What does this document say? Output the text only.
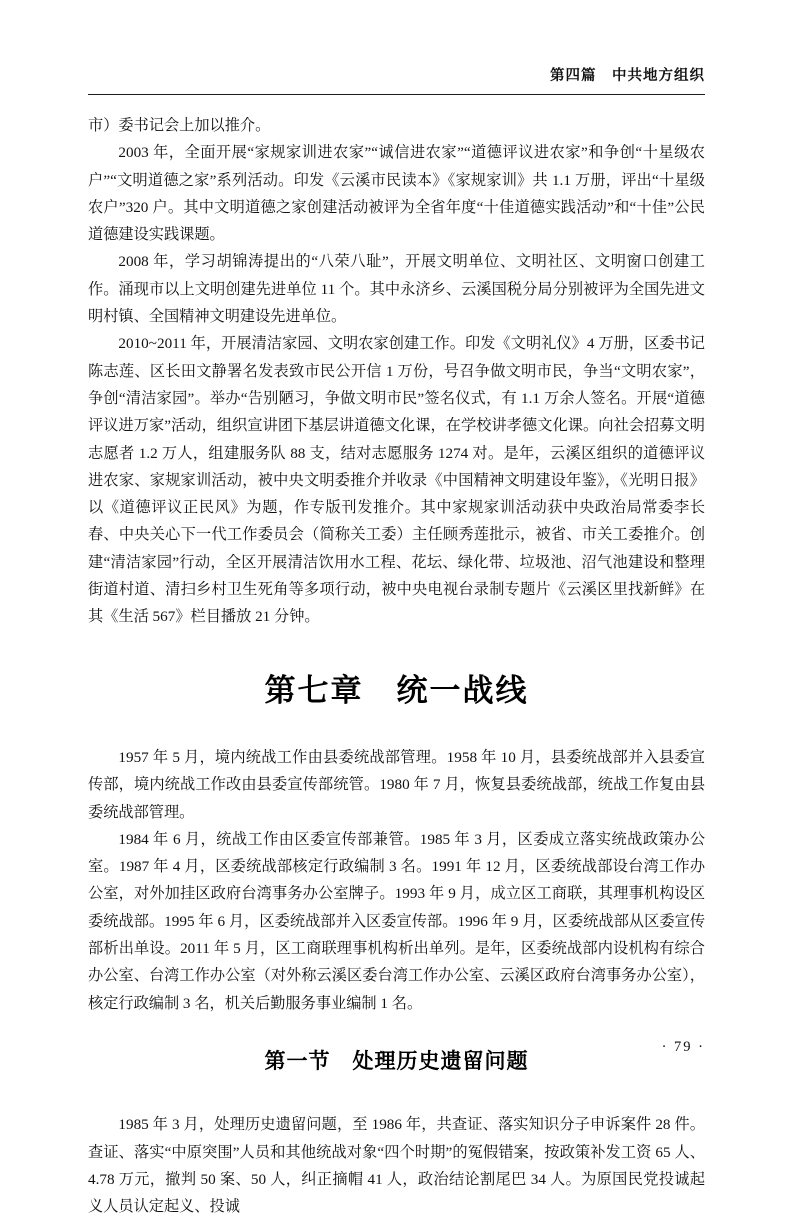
第四篇　中共地方组织

市）委书记会上加以推介。

2003 年，全面开展“家规家训进农家”“诚信进农家”“道德评议进农家”和争创“十星级农户”“文明道德之家”系列活动。印发《云溪市民读本》《家规家训》共 1.1 万册，评出“十星级农户”320 户。其中文明道德之家创建活动被评为全省年度“十佳道德实践活动”和“十佳”公民道德建设实践课题。

2008 年，学习胡锦涛提出的“八荣八耻”，开展文明单位、文明社区、文明窗口创建工作。涌现市以上文明创建先进单位 11 个。其中永济乡、云溪国税分局分别被评为全国先进文明村镇、全国精神文明建设先进单位。

2010~2011 年，开展清洁家园、文明农家创建工作。印发《文明礼仪》4 万册，区委书记陈志莲、区长田文静署名发表致市民公开信 1 万份，号召争做文明市民，争当“文明农家”，争创“清洁家园”。举办“告别陋习，争做文明市民”签名仪式，有 1.1 万余人签名。开展“道德评议进万家”活动，组织宣讲团下基层讲道德文化课，在学校讲孝德文化课。向社会招募文明志愿者 1.2 万人，组建服务队 88 支，结对志愿服务 1274 对。是年，云溪区组织的道德评议进农家、家规家训活动，被中央文明委推介并收录《中国精神文明建设年鉴》，《光明日报》以《道德评议正民风》为题，作专版刊发推介。其中家规家训活动获中央政治局常委李长春、中央关心下一代工作委员会（简称关工委）主任顾秀莲批示，被省、市关工委推介。创建“清洁家园”行动，全区开展清洁饮用水工程、花坛、绿化带、垃圾池、沼气池建设和整理街道村道、清扫乡村卫生死角等多项行动，被中央电视台录制专题片《云溪区里找新鲜》在其《生活 567》栏目播放 21 分钟。

第七章　统一战线

1957 年 5 月，境内统战工作由县委统战部管理。1958 年 10 月，县委统战部并入县委宣传部，境内统战工作改由县委宣传部统管。1980 年 7 月，恢复县委统战部，统战工作复由县委统战部管理。

1984 年 6 月，统战工作由区委宣传部兼管。1985 年 3 月，区委成立落实统战政策办公室。1987 年 4 月，区委统战部核定行政编制 3 名。1991 年 12 月，区委统战部设台湾工作办公室，对外加挂区政府台湾事务办公室牌子。1993 年 9 月，成立区工商联，其理事机构设区委统战部。1995 年 6 月，区委统战部并入区委宣传部。1996 年 9 月，区委统战部从区委宣传部析出单设。2011 年 5 月，区工商联理事机构析出单列。是年，区委统战部内设机构有综合办公室、台湾工作办公室（对外称云溪区委台湾工作办公室、云溪区政府台湾事务办公室），核定行政编制 3 名，机关后勤服务事业编制 1 名。

第一节　处理历史遗留问题

1985 年 3 月，处理历史遗留问题，至 1986 年，共查证、落实知识分子申诉案件 28 件。查证、落实“中原突围”人员和其他统战对象“四个时期”的冤假错案，按政策补发工资 65 人、4.78 万元，撤判 50 案、50 人，纠正摘帽 41 人，政治结论割尾巴 34 人。为原国民党投诚起义人员认定起义、投诚

· 79 ·
